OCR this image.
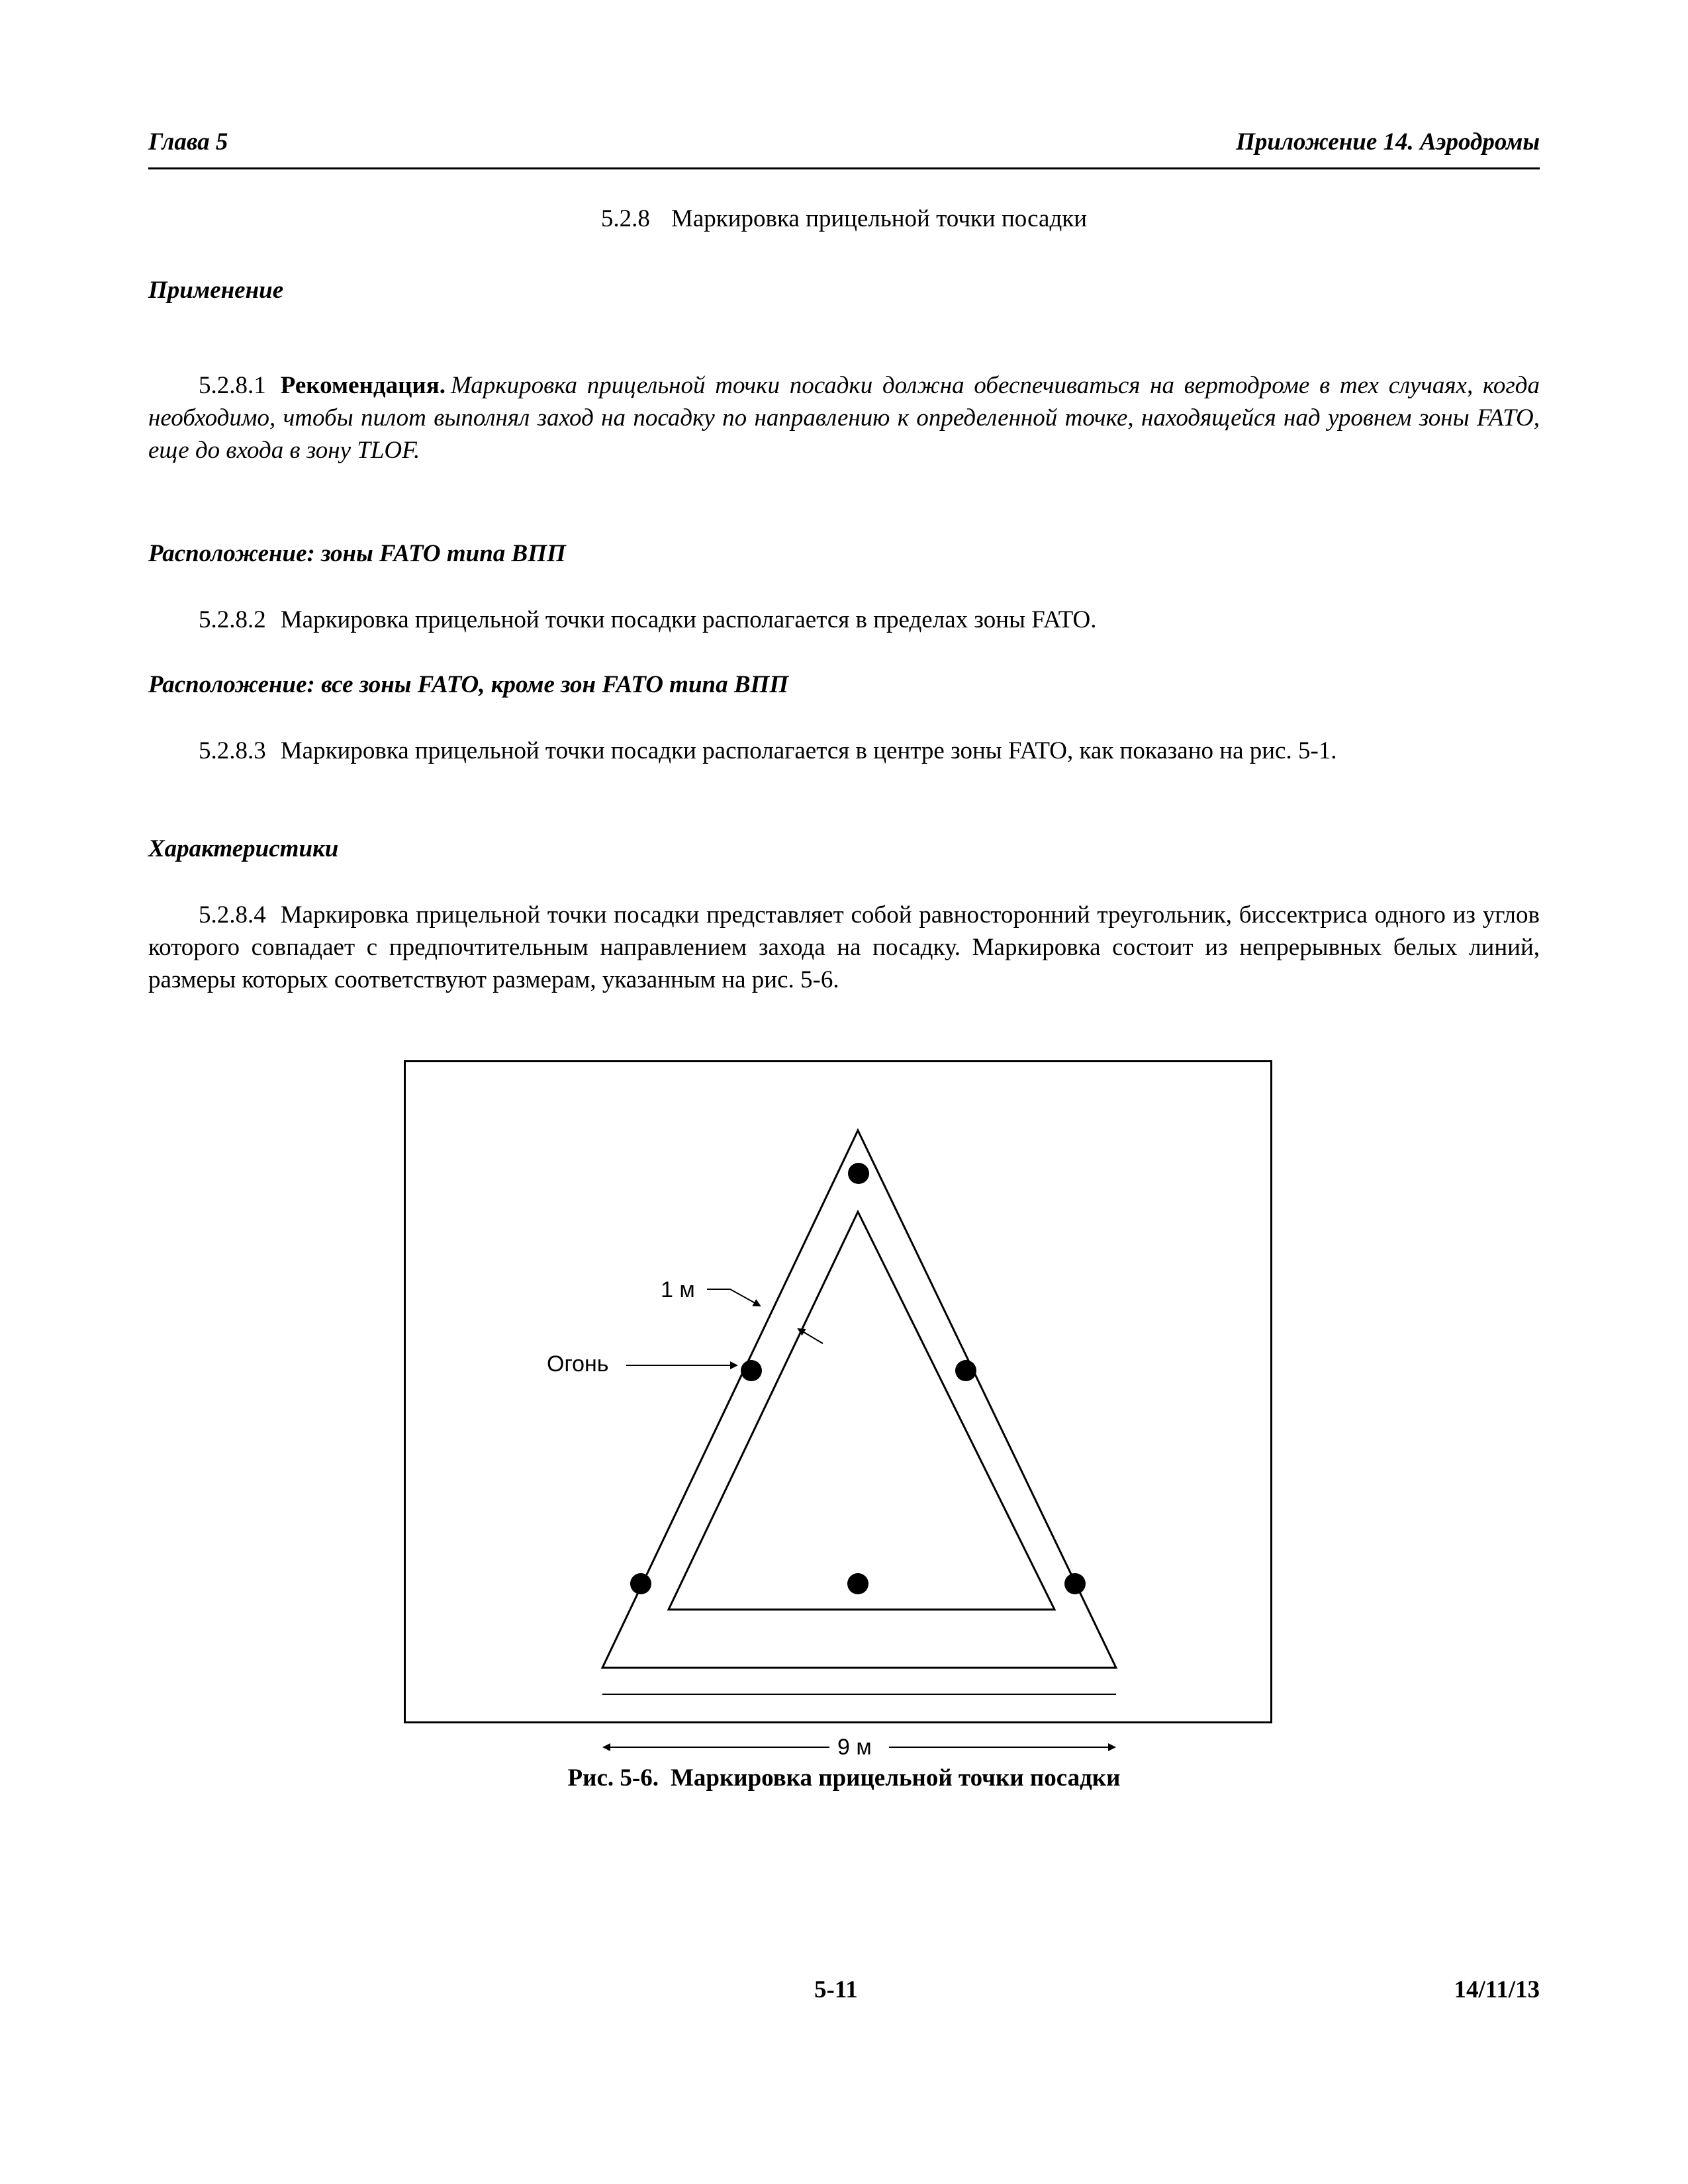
Глава 5	Приложение 14. Аэродромы
5.2.8 Маркировка прицельной точки посадки
Применение
5.2.8.1 Рекомендация. Маркировка прицельной точки посадки должна обеспечиваться на вертодроме в тех случаях, когда необходимо, чтобы пилот выполнял заход на посадку по направлению к определенной точке, находящейся над уровнем зоны FATO, еще до входа в зону TLOF.
Расположение: зоны FATO типа ВПП
5.2.8.2 Маркировка прицельной точки посадки располагается в пределах зоны FATO.
Расположение: все зоны FATO, кроме зон FATO типа ВПП
5.2.8.3 Маркировка прицельной точки посадки располагается в центре зоны FATO, как показано на рис. 5-1.
Характеристики
5.2.8.4 Маркировка прицельной точки посадки представляет собой равносторонний треугольник, биссектриса одного из углов которого совпадает с предпочтительным направлением захода на посадку. Маркировка состоит из непрерывных белых линий, размеры которых соответствуют размерам, указанным на рис. 5-6.
1 м
Огонь
9 м
Рис. 5-6. Маркировка прицельной точки посадки
5-11	14/11/13
